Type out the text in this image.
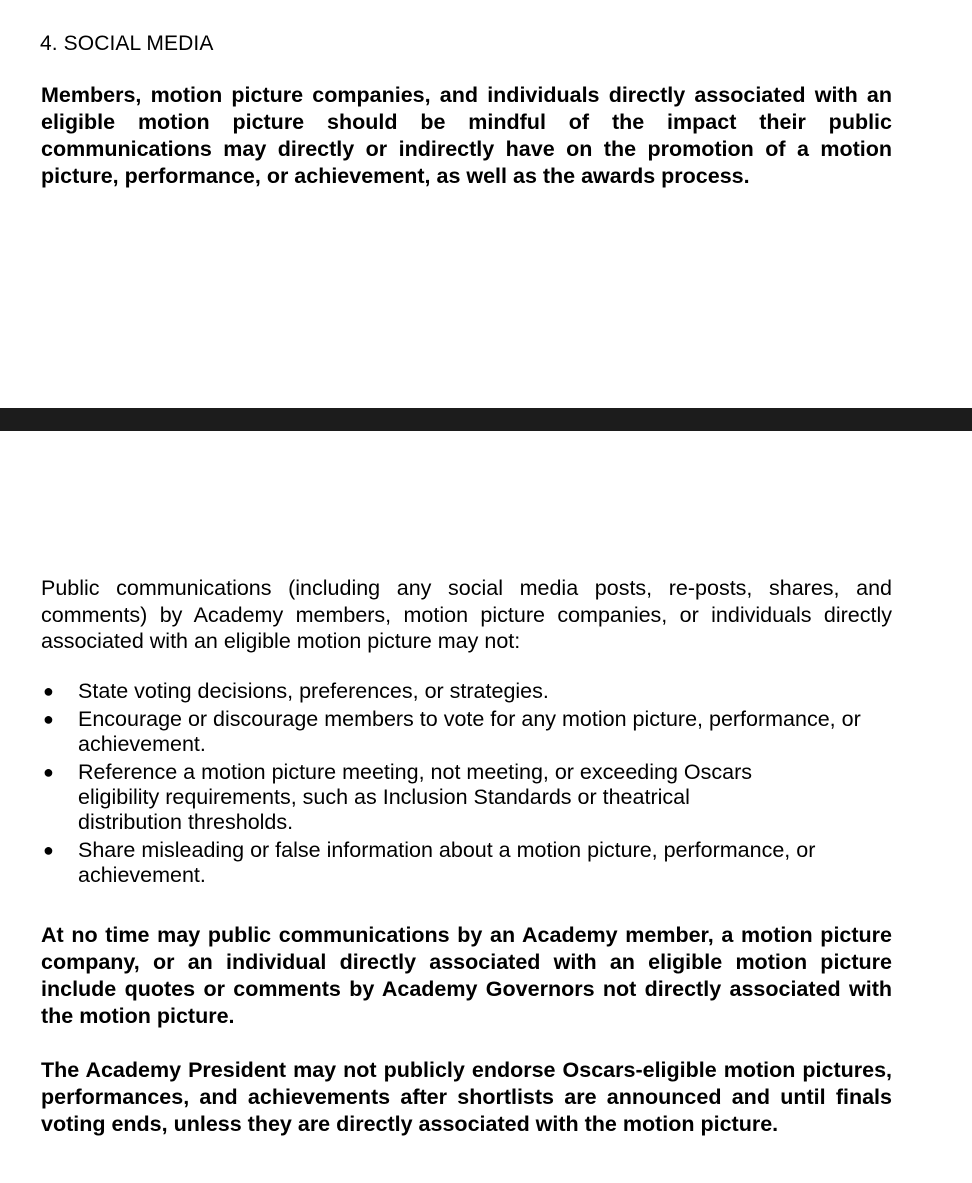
4. SOCIAL MEDIA

Members, motion picture companies, and individuals directly associated with an eligible motion picture should be mindful of the impact their public communications may directly or indirectly have on the promotion of a motion picture, performance, or achievement, as well as the awards process.

Public communications (including any social media posts, re-posts, shares, and comments) by Academy members, motion picture companies, or individuals directly associated with an eligible motion picture may not:

● State voting decisions, preferences, or strategies.
● Encourage or discourage members to vote for any motion picture, performance, or achievement.
● Reference a motion picture meeting, not meeting, or exceeding Oscars eligibility requirements, such as Inclusion Standards or theatrical distribution thresholds.
● Share misleading or false information about a motion picture, performance, or achievement.

At no time may public communications by an Academy member, a motion picture company, or an individual directly associated with an eligible motion picture include quotes or comments by Academy Governors not directly associated with the motion picture.

The Academy President may not publicly endorse Oscars-eligible motion pictures, performances, and achievements after shortlists are announced and until finals voting ends, unless they are directly associated with the motion picture.
